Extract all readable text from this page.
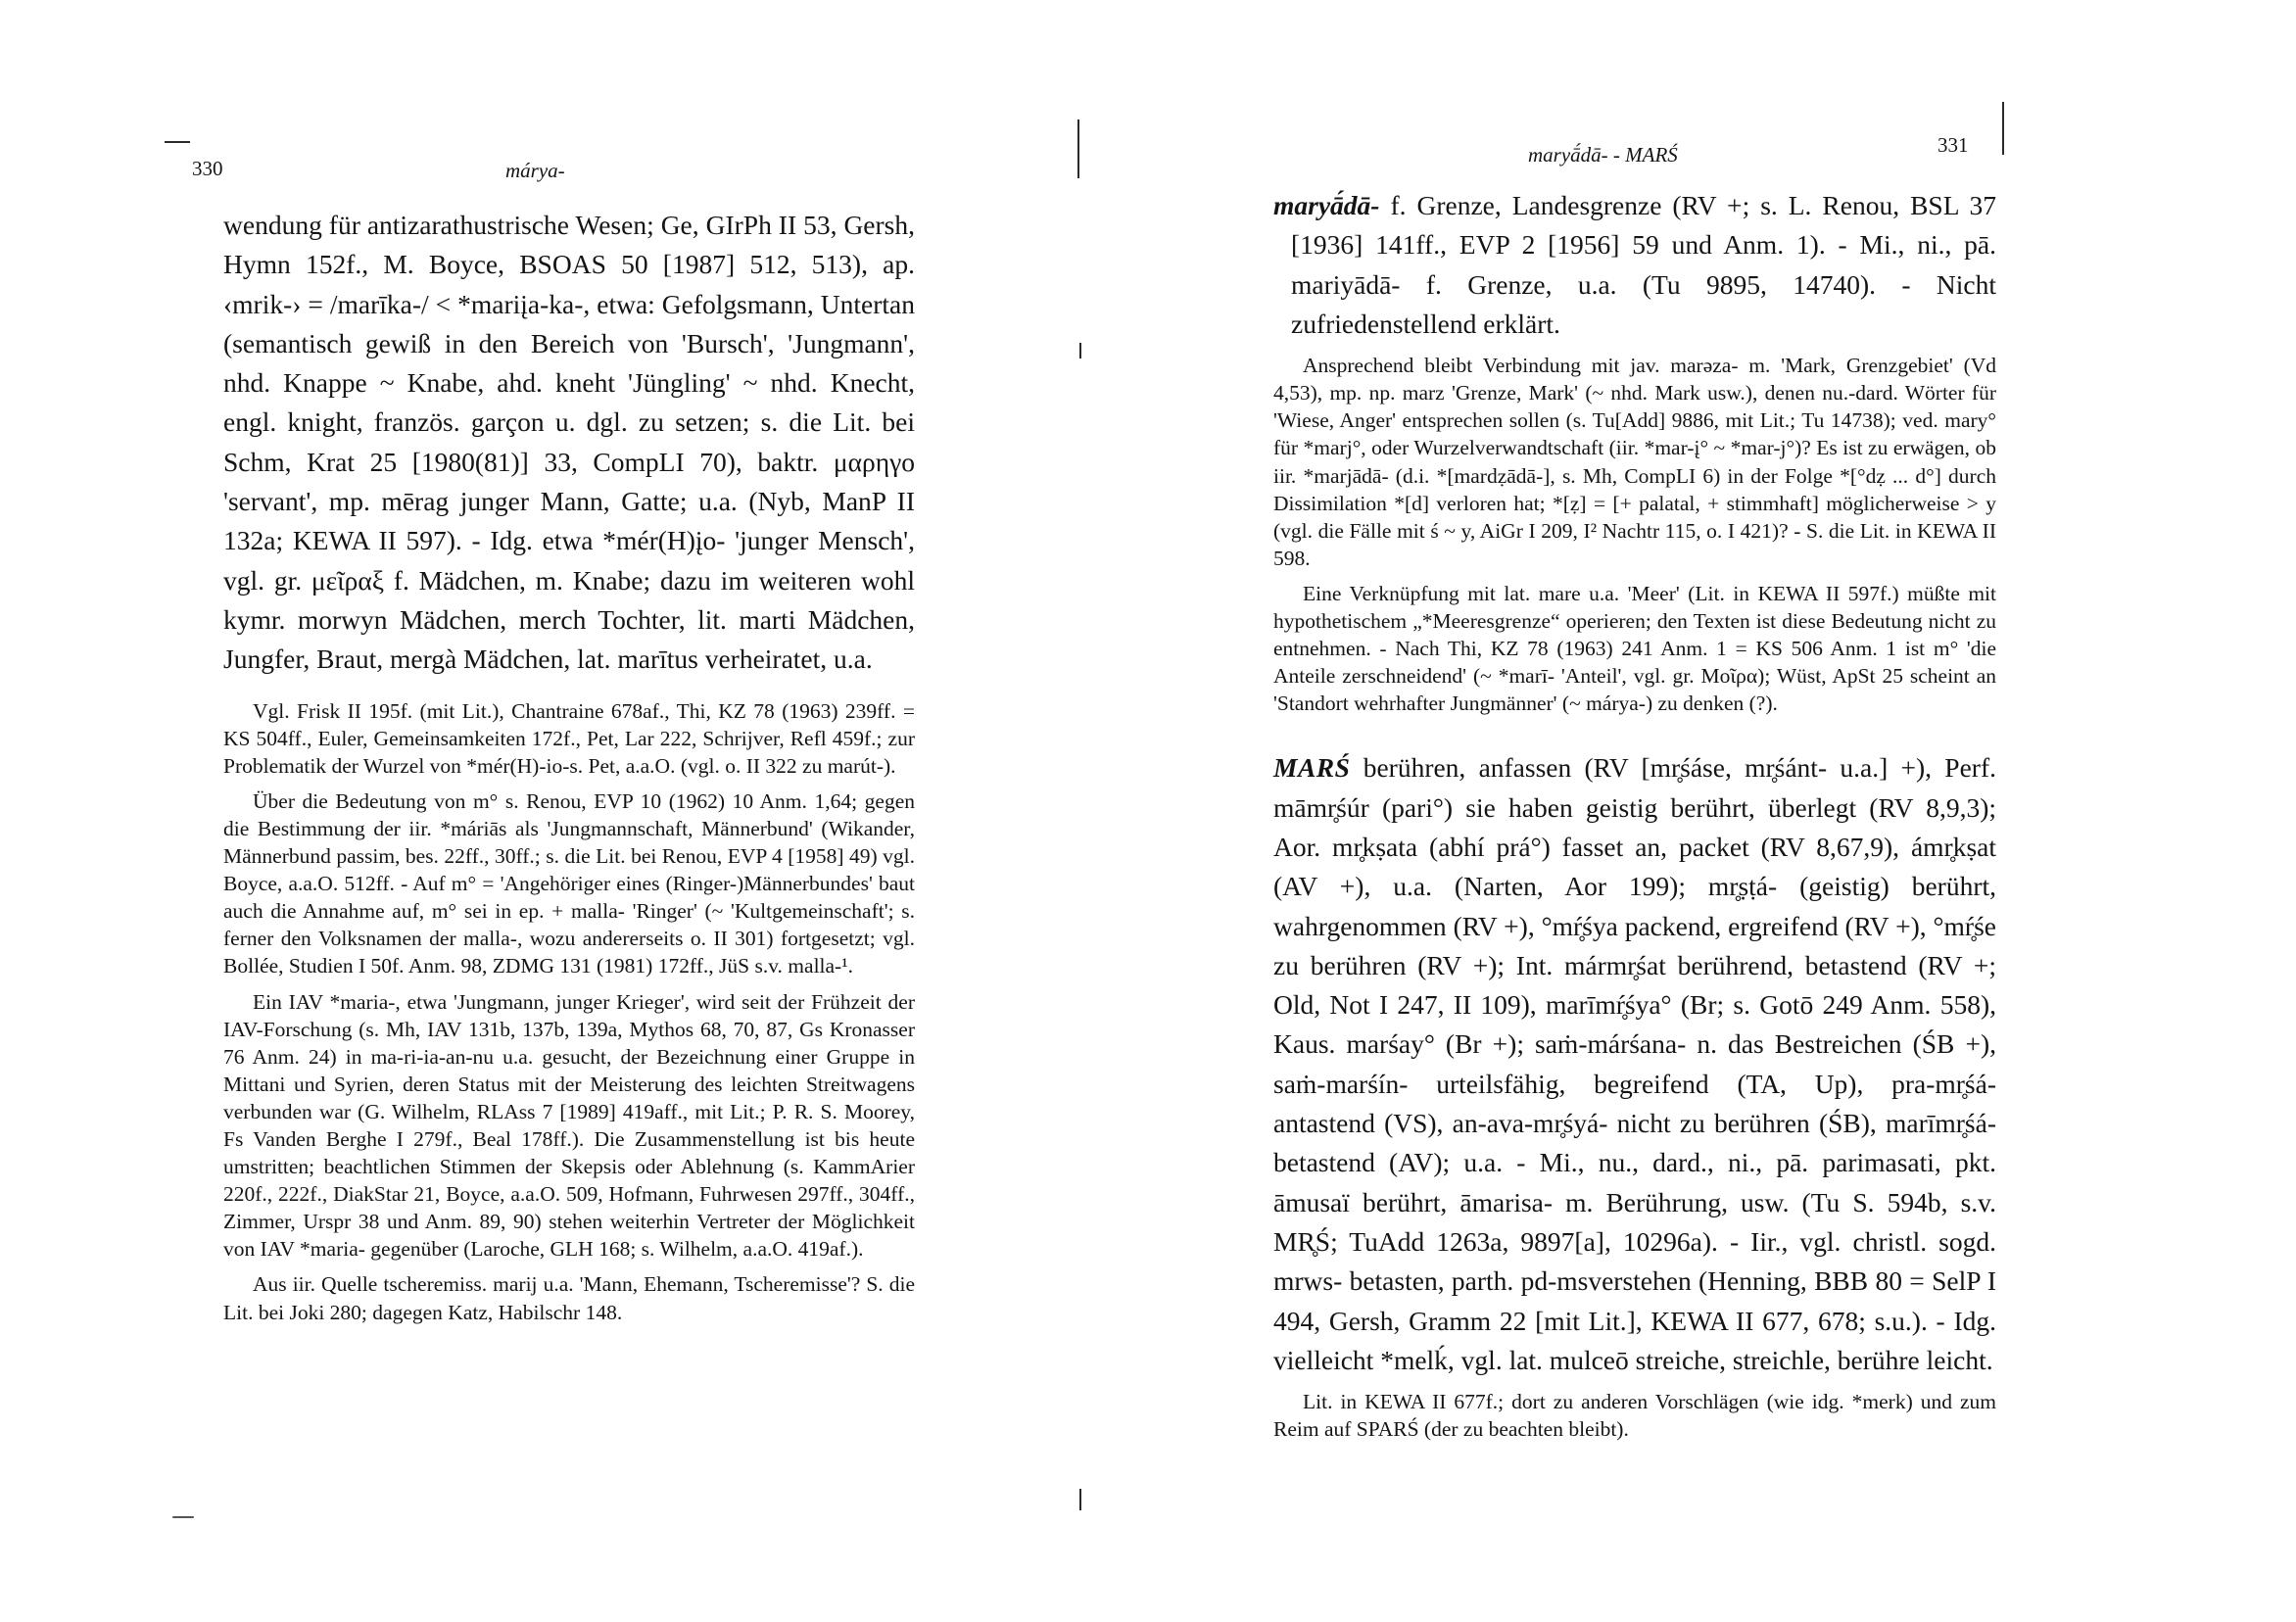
330	márya-

wendung für antizarathustrische Wesen; Ge, GIrPh II 53, Gersh, Hymn 152f., M. Boyce, BSOAS 50 [1987] 512, 513), ap. ‹mrik-› = /marīka-/ < *mariįa-ka-, etwa: Gefolgsmann, Untertan (semantisch gewiß in den Bereich von 'Bursch', 'Jungmann', nhd. Knappe ~ Knabe, ahd. kneht 'Jüngling' ~ nhd. Knecht, engl. knight, französ. garçon u. dgl. zu setzen; s. die Lit. bei Schm, Krat 25 [1980(81)] 33, CompLI 70), baktr. μαρηγο 'servant', mp. mērag junger Mann, Gatte; u.a. (Nyb, ManP II 132a; KEWA II 597). - Idg. etwa *mér(H)įo- 'junger Mensch', vgl. gr. μεῖραξ f. Mädchen, m. Knabe; dazu im weiteren wohl kymr. morwyn Mädchen, merch Tochter, lit. marti Mädchen, Jungfer, Braut, mergà Mädchen, lat. marītus verheiratet, u.a.

Vgl. Frisk II 195f. (mit Lit.), Chantraine 678af., Thi, KZ 78 (1963) 239ff. = KS 504ff., Euler, Gemeinsamkeiten 172f., Pet, Lar 222, Schrijver, Refl 459f.; zur Problematik der Wurzel von *mér(H)-io-s. Pet, a.a.O. (vgl. o. II 322 zu marút-).

Über die Bedeutung von m° s. Renou, EVP 10 (1962) 10 Anm. 1,64; gegen die Bestimmung der iir. *máriās als 'Jungmannschaft, Männerbund' (Wikander, Männerbund passim, bes. 22ff., 30ff.; s. die Lit. bei Renou, EVP 4 [1958] 49) vgl. Boyce, a.a.O. 512ff. - Auf m° = 'Angehöriger eines (Ringer-)Männerbundes' baut auch die Annahme auf, m° sei in ep. + malla- 'Ringer' (~ 'Kultgemeinschaft'; s. ferner den Volksnamen der malla-, wozu andererseits o. II 301) fortgesetzt; vgl. Bollée, Studien I 50f. Anm. 98, ZDMG 131 (1981) 172ff., JüS s.v. malla-¹.

Ein IAV *maria-, etwa 'Jungmann, junger Krieger', wird seit der Frühzeit der IAV-Forschung (s. Mh, IAV 131b, 137b, 139a, Mythos 68, 70, 87, Gs Kronasser 76 Anm. 24) in ma-ri-ia-an-nu u.a. gesucht, der Bezeichnung einer Gruppe in Mittani und Syrien, deren Status mit der Meisterung des leichten Streitwagens verbunden war (G. Wilhelm, RLAss 7 [1989] 419aff., mit Lit.; P. R. S. Moorey, Fs Vanden Berghe I 279f., Beal 178ff.). Die Zusammenstellung ist bis heute umstritten; beachtlichen Stimmen der Skepsis oder Ablehnung (s. KammArier 220f., 222f., DiakStar 21, Boyce, a.a.O. 509, Hofmann, Fuhrwesen 297ff., 304ff., Zimmer, Urspr 38 und Anm. 89, 90) stehen weiterhin Vertreter der Möglichkeit von IAV *maria- gegenüber (Laroche, GLH 168; s. Wilhelm, a.a.O. 419af.).

Aus iir. Quelle tscheremiss. marij u.a. 'Mann, Ehemann, Tscheremisse'? S. die Lit. bei Joki 280; dagegen Katz, Habilschr 148.

maryā́dā- - MARŚ	331

maryā́dā- f. Grenze, Landesgrenze (RV +; s. L. Renou, BSL 37 [1936] 141ff., EVP 2 [1956] 59 und Anm. 1). - Mi., ni., pā. mariyādā- f. Grenze, u.a. (Tu 9895, 14740). - Nicht zufriedenstellend erklärt.

Ansprechend bleibt Verbindung mit jav. marəza- m. 'Mark, Grenzgebiet' (Vd 4,53), mp. np. marz 'Grenze, Mark' (~ nhd. Mark usw.), denen nu.-dard. Wörter für 'Wiese, Anger' entsprechen sollen (s. Tu[Add] 9886, mit Lit.; Tu 14738); ved. mary° für *marj°, oder Wurzelverwandtschaft (iir. *mar-į° ~ *mar-j°)? Es ist zu erwägen, ob iir. *marjādā- (d.i. *[mardẓādā-], s. Mh, CompLI 6) in der Folge *[°dẓ ... d°] durch Dissimilation *[d] verloren hat; *[ẓ] = [+ palatal, + stimmhaft] möglicherweise > y (vgl. die Fälle mit ś ~ y, AiGr I 209, I² Nachtr 115, o. I 421)? - S. die Lit. in KEWA II 598.

Eine Verknüpfung mit lat. mare u.a. 'Meer' (Lit. in KEWA II 597f.) müßte mit hypothetischem „*Meeresgrenze“ operieren; den Texten ist diese Bedeutung nicht zu entnehmen. - Nach Thi, KZ 78 (1963) 241 Anm. 1 = KS 506 Anm. 1 ist m° 'die Anteile zerschneidend' (~ *marī- 'Anteil', vgl. gr. Μοῖρα); Wüst, ApSt 25 scheint an 'Standort wehrhafter Jungmänner' (~ márya-) zu denken (?).

MARŚ berühren, anfassen (RV [mr̥śáse, mr̥śánt- u.a.] +), Perf. māmr̥śúr (pari°) sie haben geistig berührt, überlegt (RV 8,9,3); Aor. mr̥kṣata (abhí prá°) fasset an, packet (RV 8,67,9), ámr̥kṣat (AV +), u.a. (Narten, Aor 199); mr̥ṣṭá- (geistig) berührt, wahrgenommen (RV +), °mŕ̥śya packend, ergreifend (RV +), °mŕ̥śe zu berühren (RV +); Int. mármr̥śat berührend, betastend (RV +; Old, Not I 247, II 109), marīmŕ̥śya° (Br; s. Gotō 249 Anm. 558), Kaus. marśay° (Br +); saṁ-márśana- n. das Bestreichen (ŚB +), saṁ-marśín- urteilsfähig, begreifend (TA, Up), pra-mr̥śá- antastend (VS), an-ava-mr̥śyá- nicht zu berühren (ŚB), marīmr̥śá- betastend (AV); u.a. - Mi., nu., dard., ni., pā. parimasati, pkt. āmusaï berührt, āmarisa- m. Berührung, usw. (Tu S. 594b, s.v. MR̥Ś; TuAdd 1263a, 9897[a], 10296a). - Iir., vgl. christl. sogd. mrws- betasten, parth. pd-msverstehen (Henning, BBB 80 = SelP I 494, Gersh, Gramm 22 [mit Lit.], KEWA II 677, 678; s.u.). - Idg. vielleicht *melḱ, vgl. lat. mulceō streiche, streichle, berühre leicht.

Lit. in KEWA II 677f.; dort zu anderen Vorschlägen (wie idg. *merk) und zum Reim auf SPARŚ (der zu beachten bleibt).
